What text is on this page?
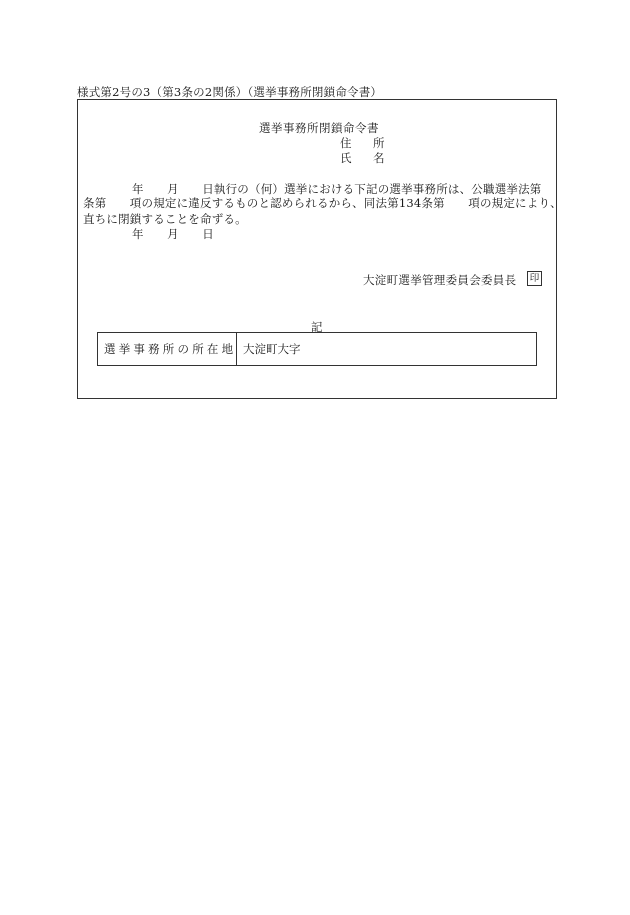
様式第2号の3（第3条の2関係）（選挙事務所閉鎖命令書）
選挙事務所閉鎖命令書
住　所
氏　名
年　　月　　日執行の（何）選挙における下記の選挙事務所は、公職選挙法第
条第　　項の規定に違反するものと認められるから、同法第134条第　　項の規定により、
直ちに閉鎖することを命ずる。
年　　月　　日
大淀町選挙管理委員会委員長 印
記
選挙事務所の所在地 大淀町大字
